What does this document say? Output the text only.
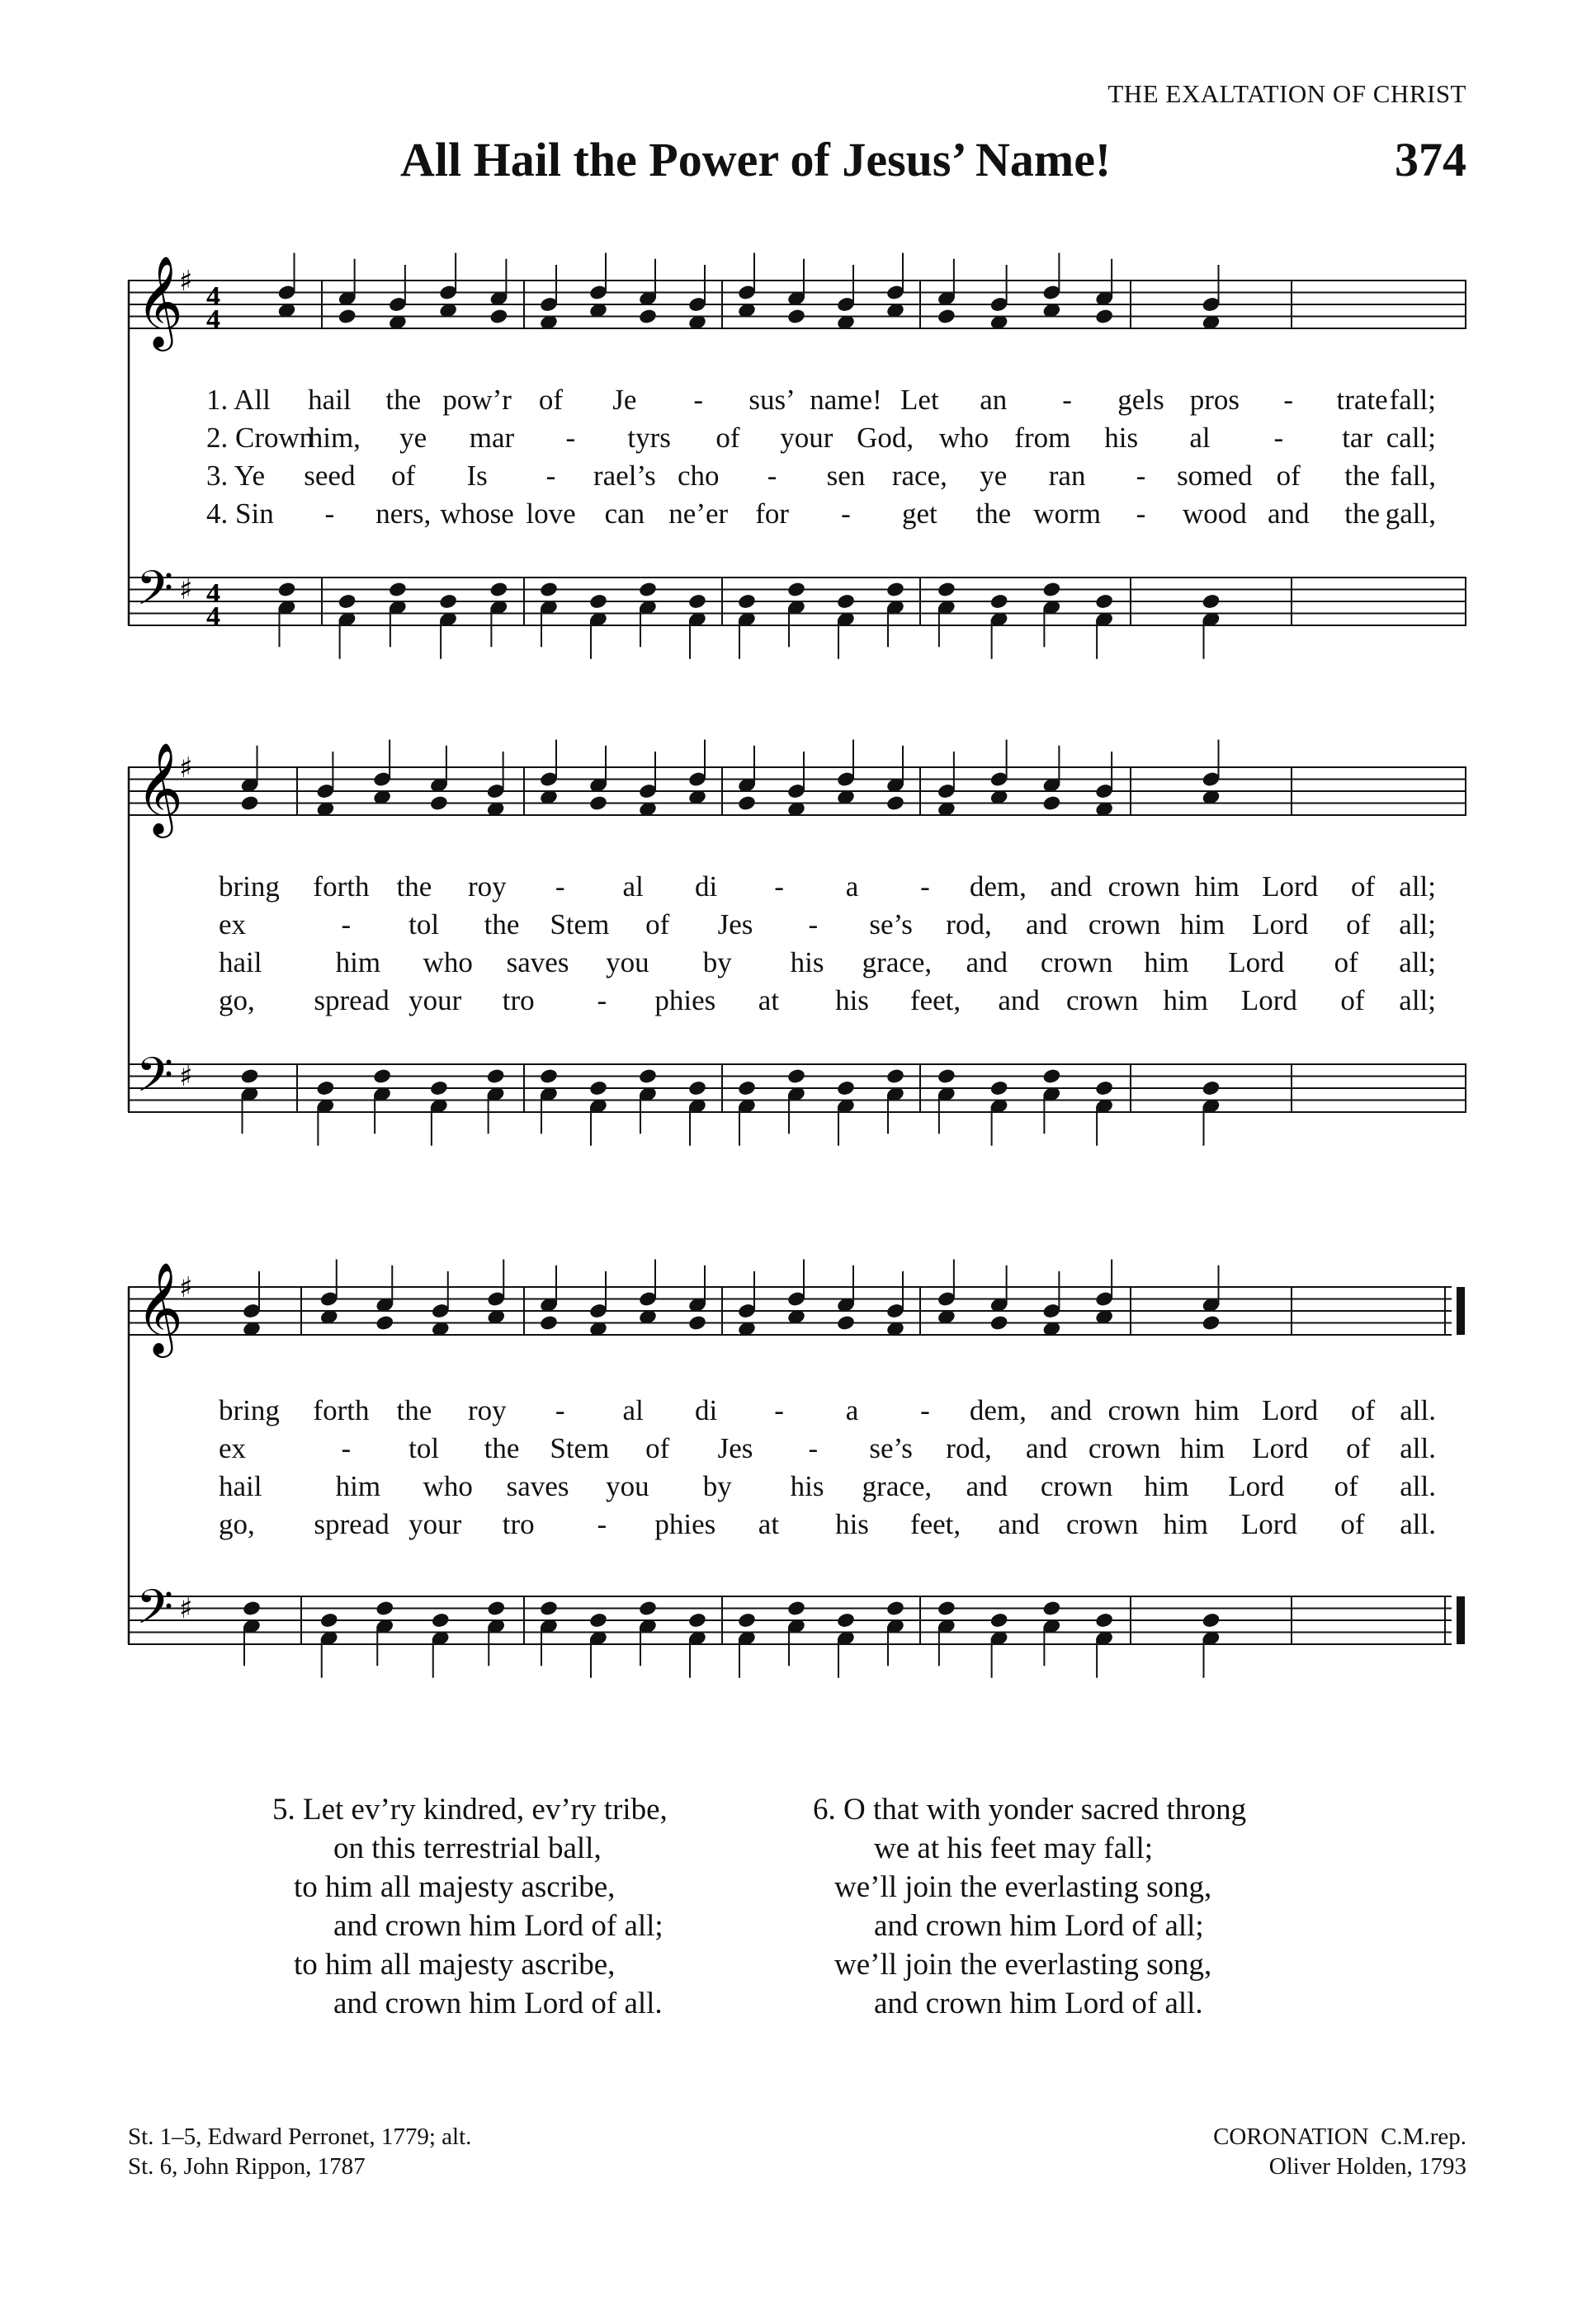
THE EXALTATION OF CHRIST
All Hail the Power of Jesus’ Name!	374
𝄞
𝄢
♯
♯
4
4
4
4
1. All hail the pow’r of Je - sus’ name! Let an - gels pros - trate fall;
2. Crown
him, ye mar - tyrs of your God, who from his al - tar call;
3. Ye seed of Is - rael’s cho - sen race, ye ran - somed of the fall,
4. Sin - ners, whose love can ne’er for - get the worm - wood and the gall,
𝄞
𝄢
♯
♯
bring forth the roy - al di - a - dem, and crown him Lord of all;
ex	- tol the Stem of Jes - se’s rod, and crown him Lord of all;
hail	him who saves you by his grace, and crown him Lord of all;
go, spread your tro - phies at his feet, and crown him Lord of all;
𝄞
𝄢
♯
♯
bring forth the roy - al di - a - dem, and crown him Lord of all.
ex	- tol the Stem of Jes - se’s rod, and crown him Lord of all.
hail	him who saves you by his grace, and crown him Lord of all.
go, spread your tro - phies at his feet, and crown him Lord of all.
5. Let ev’ry kindred, ev’ry tribe,
on this terrestrial ball,
to him all majesty ascribe,
and crown him Lord of all;
to him all majesty ascribe,
and crown him Lord of all.
6. O that with yonder sacred throng
we at his feet may fall;
we’ll join the everlasting song,
and crown him Lord of all;
we’ll join the everlasting song,
and crown him Lord of all.
St. 1–5, Edward Perronet, 1779; alt.
St. 6, John Rippon, 1787
CORONATION  C.M.rep.
Oliver Holden, 1793
